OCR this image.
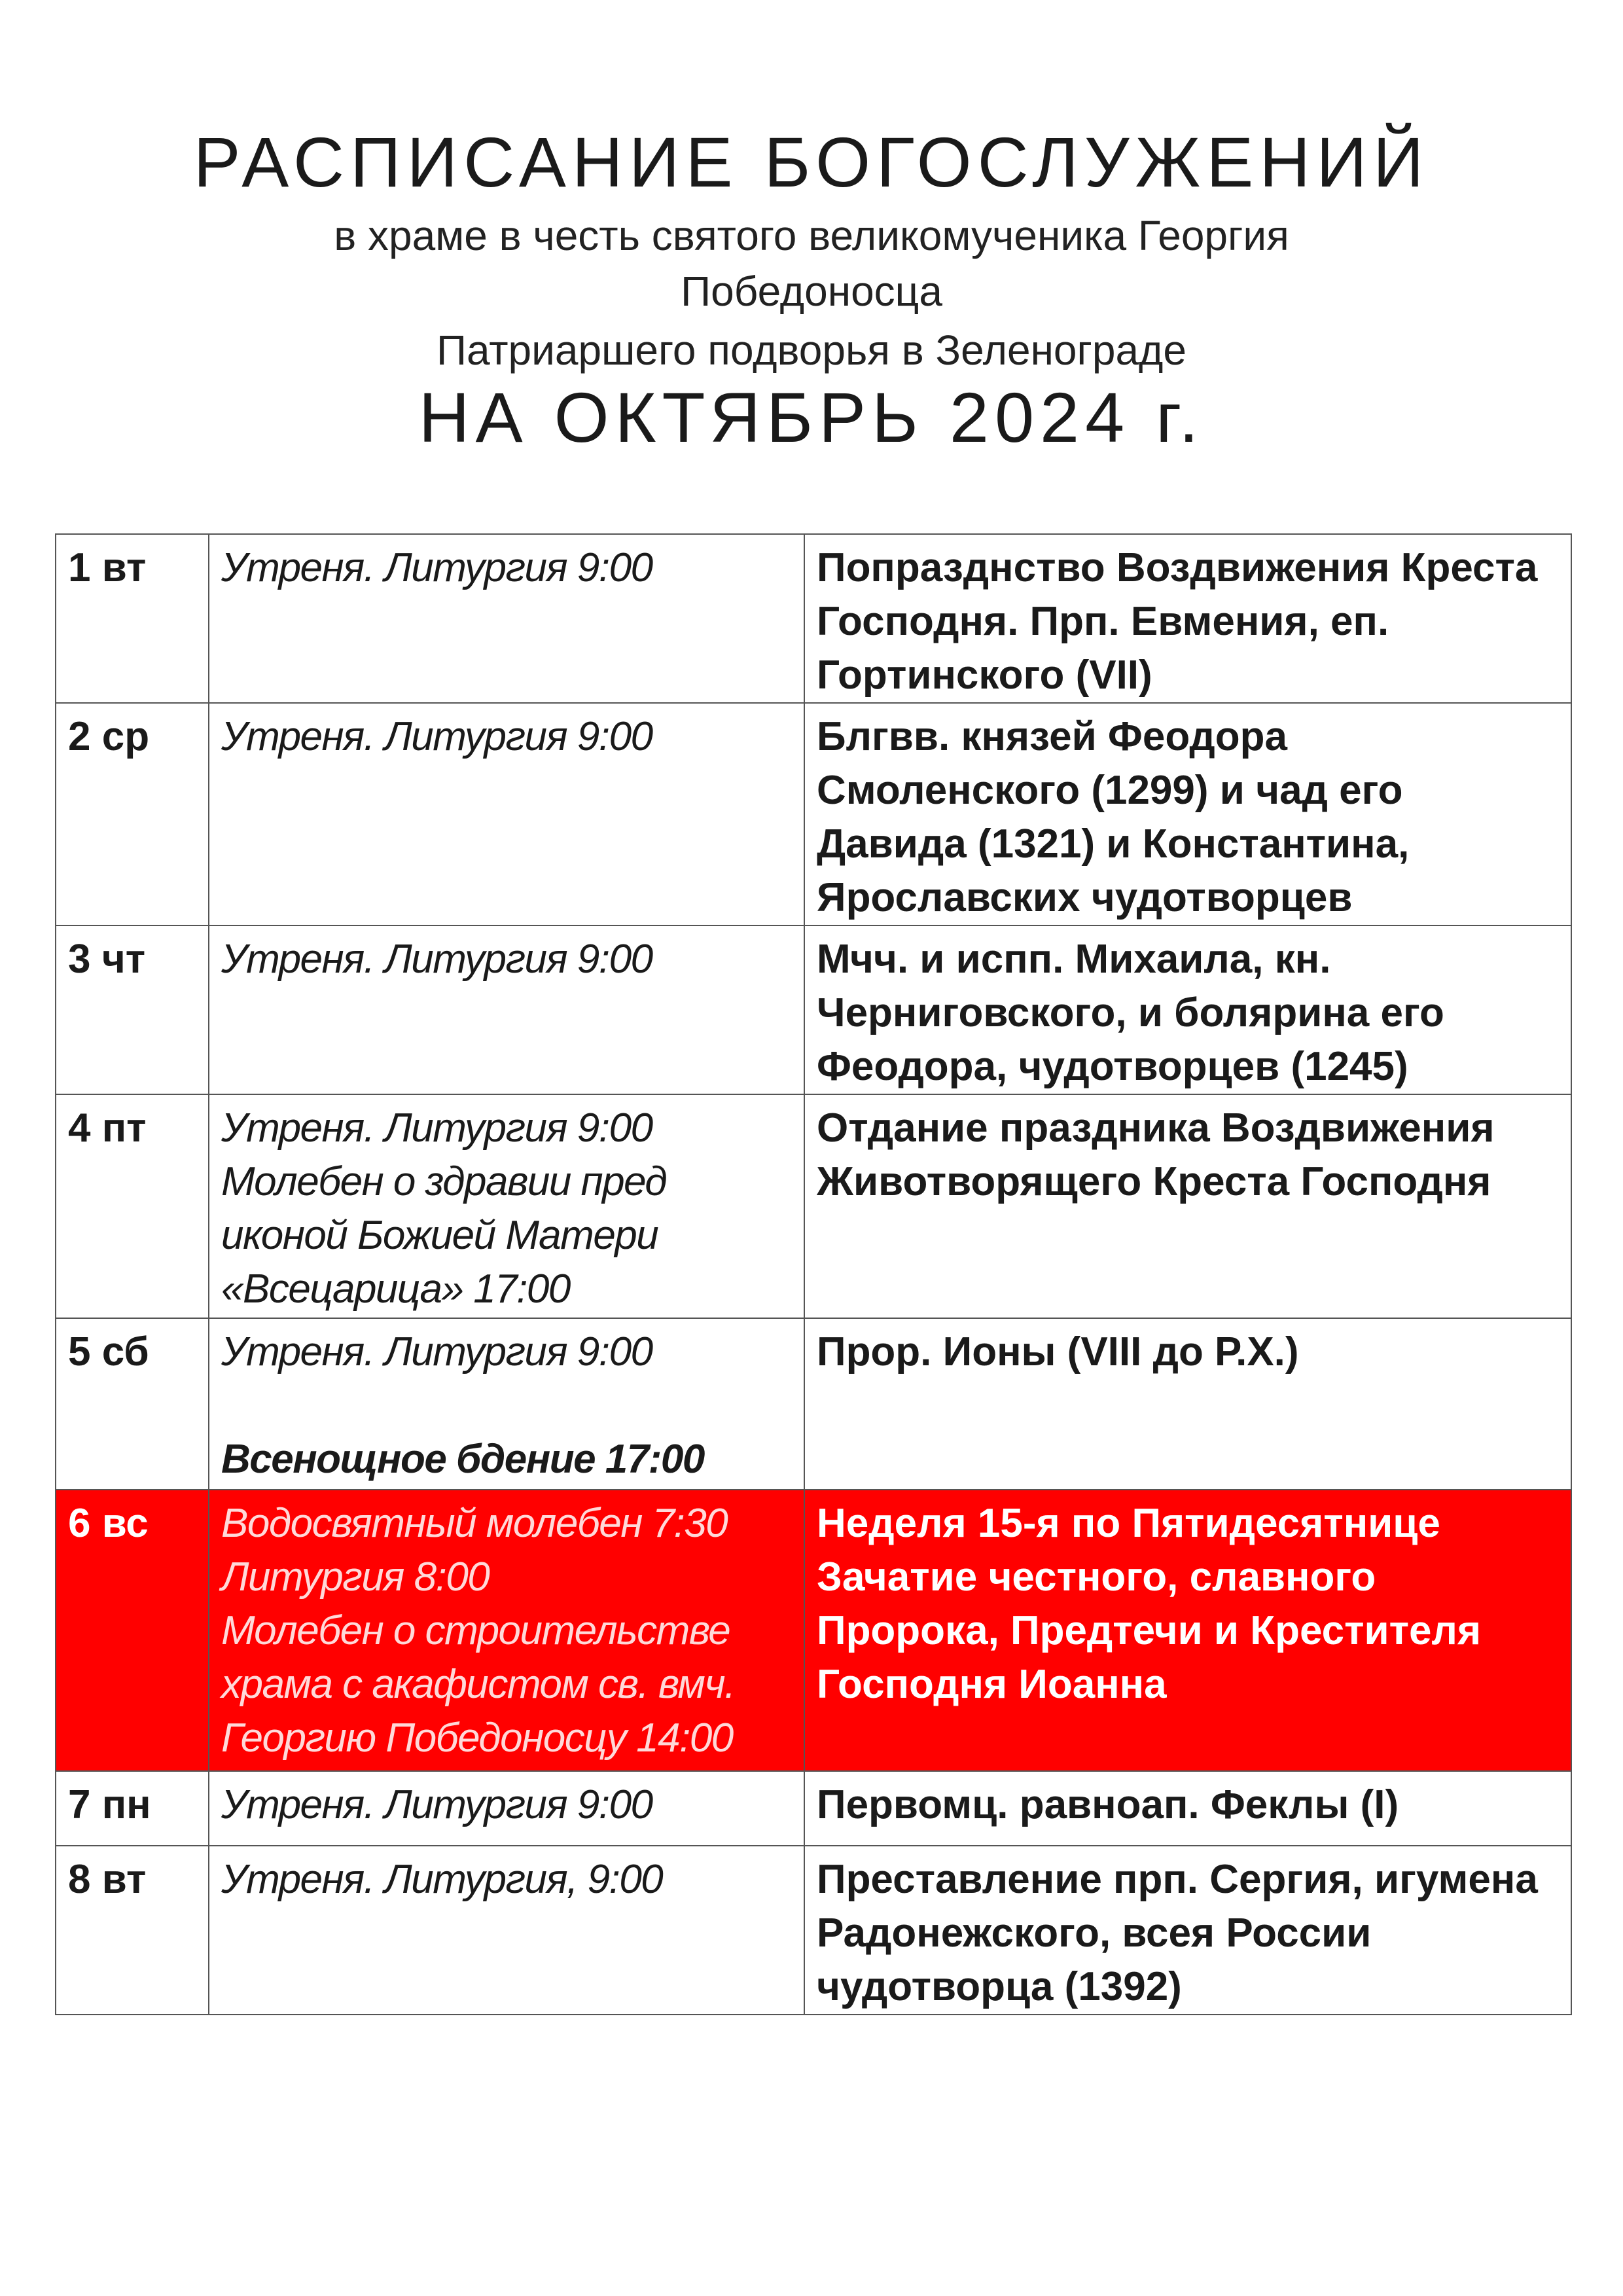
РАСПИСАНИЕ БОГОСЛУЖЕНИЙ
в храме в честь святого великомученика Георгия
Победоносца
Патриаршего подворья в Зеленограде
НА ОКТЯБРЬ 2024 г.
1 вт	Утреня. Литургия 9:00	Попразднство Воздвижения Креста Господня. Прп. Евмения, еп. Гортинского (VII)
2 ср	Утреня. Литургия 9:00	Блгвв. князей Феодора Смоленского (1299) и чад его Давида (1321) и Константина, Ярославских чудотворцев
3 чт	Утреня. Литургия 9:00	Мчч. и испп. Михаила, кн. Черниговского, и болярина его Феодора, чудотворцев (1245)
4 пт	Утреня. Литургия 9:00
Молебен о здравии пред
иконой Божией Матери
«Всецарица» 17:00	Отдание праздника Воздвижения Животворящего Креста Господня
5 сб	Утреня. Литургия 9:00
Всенощное бдение 17:00	Прор. Ионы (VIII до Р.Х.)
6 вс	Водосвятный молебен 7:30
Литургия 8:00
Молебен о строительстве
храма с акафистом св. вмч.
Георгию Победоносцу 14:00	Неделя 15-я по Пятидесятнице Зачатие честного, славного Пророка, Предтечи и Крестителя Господня Иоанна
7 пн	Утреня. Литургия 9:00	Первомц. равноап. Феклы (I)
8 вт	Утреня. Литургия, 9:00	Преставление прп. Сергия, игумена Радонежского, всея России чудотворца (1392)
